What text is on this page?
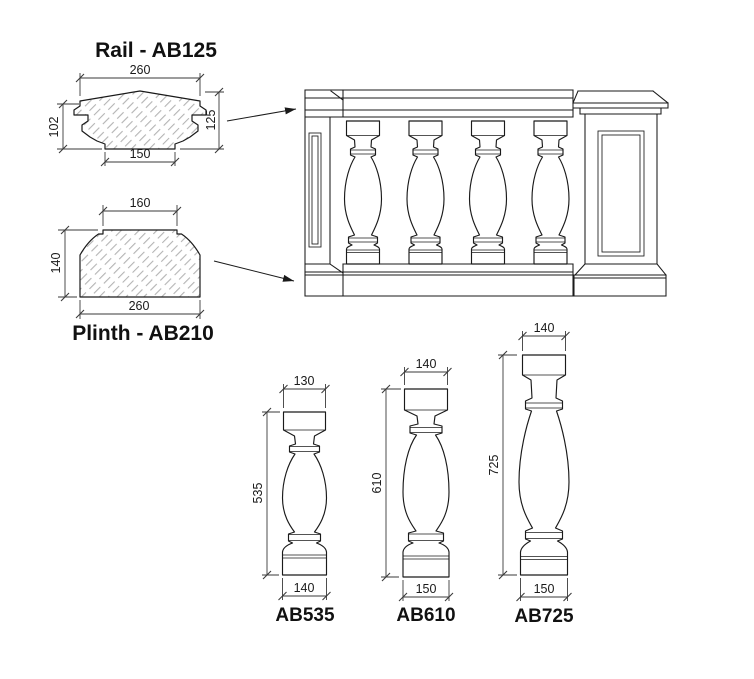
Rail - AB125
260
102	125
150
160
140
260
Plinth - AB210
130
535
140
AB535
140
610
150
AB610
140
725
150
AB725
